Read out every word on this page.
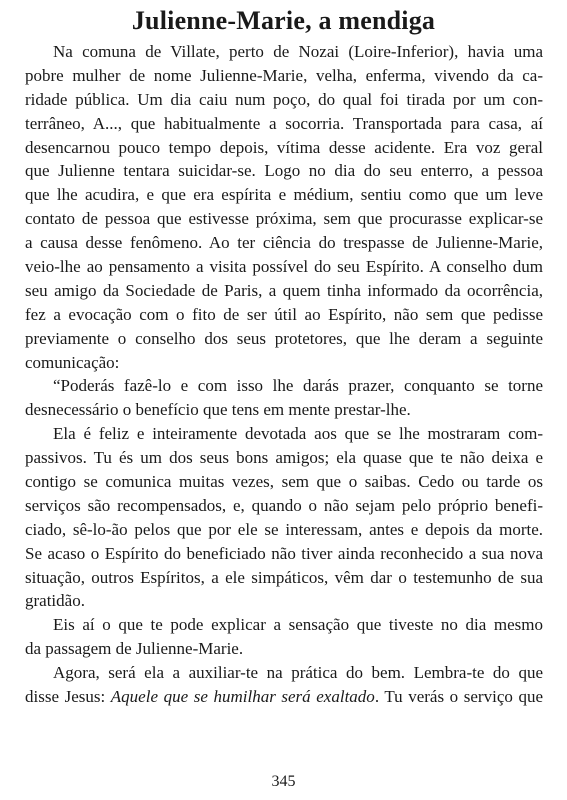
Julienne-Marie, a mendiga
Na comuna de Villate, perto de Nozai (Loire-Inferior), havia uma
pobre mulher de nome Julienne-Marie, velha, enferma, vivendo da ca-
ridade pública. Um dia caiu num poço, do qual foi tirada por um con-
terrâneo, A..., que habitualmente a socorria. Transportada para casa, aí
desencarnou pouco tempo depois, vítima desse acidente. Era voz geral
que Julienne tentara suicidar-se. Logo no dia do seu enterro, a pessoa
que lhe acudira, e que era espírita e médium, sentiu como que um leve
contato de pessoa que estivesse próxima, sem que procurasse explicar-se
a causa desse fenômeno. Ao ter ciência do trespasse de Julienne-Marie,
veio-lhe ao pensamento a visita possível do seu Espírito. A conselho dum
seu amigo da Sociedade de Paris, a quem tinha informado da ocorrência,
fez a evocação com o fito de ser útil ao Espírito, não sem que pedisse
previamente o conselho dos seus protetores, que lhe deram a seguinte
comunicação:
“Poderás fazê-lo e com isso lhe darás prazer, conquanto se torne
desnecessário o benefício que tens em mente prestar-lhe.
Ela é feliz e inteiramente devotada aos que se lhe mostraram com-
passivos. Tu és um dos seus bons amigos; ela quase que te não deixa e
contigo se comunica muitas vezes, sem que o saibas. Cedo ou tarde os
serviços são recompensados, e, quando o não sejam pelo próprio benefi-
ciado, sê-lo-ão pelos que por ele se interessam, antes e depois da morte.
Se acaso o Espírito do beneficiado não tiver ainda reconhecido a sua nova
situação, outros Espíritos, a ele simpáticos, vêm dar o testemunho de sua
gratidão.
Eis aí o que te pode explicar a sensação que tiveste no dia mesmo
da passagem de Julienne-Marie.
Agora, será ela a auxiliar-te na prática do bem. Lembra-te do que
disse Jesus: Aquele que se humilhar será exaltado. Tu verás o serviço que
345
